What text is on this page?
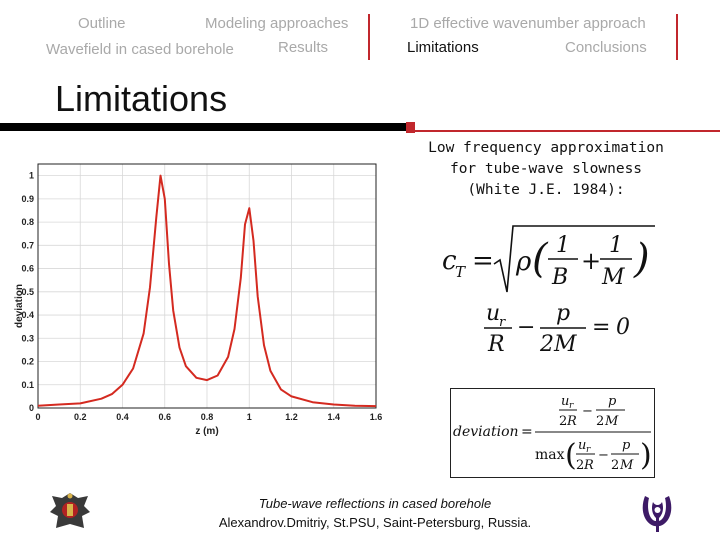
Outline	Modeling approaches
Wavefield in cased borehole	Results
1D effective wavenumber approach
Limitations	Conclusions
Limitations
0	0.2	0.4	0.6	0.8	1	1.2	1.4	1.6
0
0.1
0.2
0.3
0.4
0.5
0.6
0.7
0.8
0.9
1
z (m)
deviation
Low frequency approximation
for tube-wave slowness
(White J.E. 1984):
c
T = ρ ( 1
B
+
1
M )
u
r
R
−
p
2 M
= 0
deviation =
u r
2 R
−
p
2 M
max ( u r
2 R
−
p
2 M )
Tube-wave reflections in cased borehole
Alexandrov.Dmitriy, St.PSU, Saint-Petersburg, Russia.
